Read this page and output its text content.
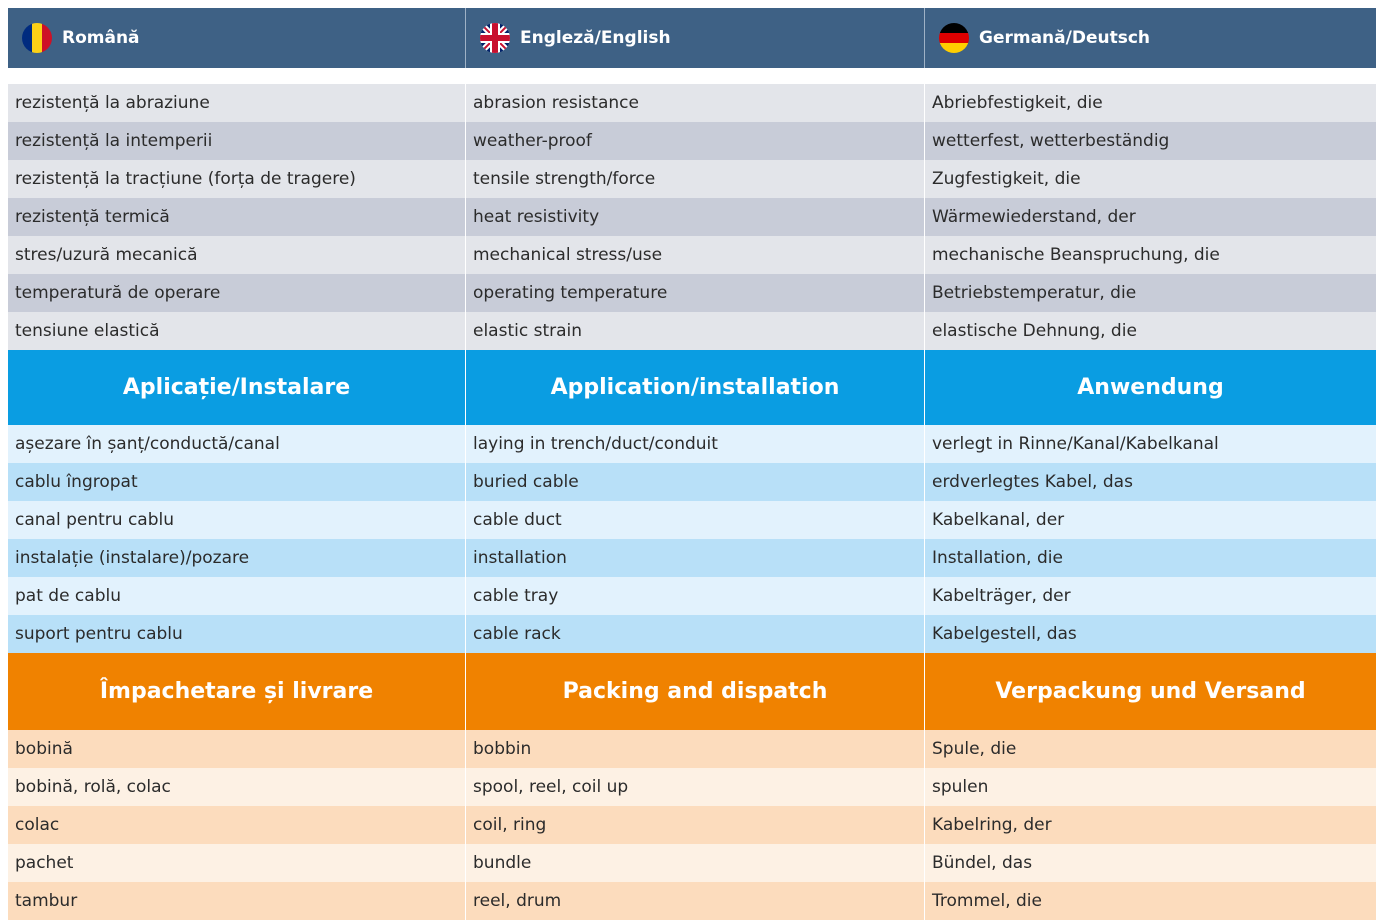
Română	Engleză/English	Germană/Deutsch
rezistență la abraziune	abrasion resistance	Abriebfestigkeit, die
rezistență la intemperii	weather-proof	wetterfest, wetterbeständig
rezistență la tracțiune (forța de tragere)	tensile strength/force	Zugfestigkeit, die
rezistență termică	heat resistivity	Wärmewiederstand, der
stres/uzură mecanică	mechanical stress/use	mechanische Beanspruchung, die
temperatură de operare	operating temperature	Betriebstemperatur, die
tensiune elastică	elastic strain	elastische Dehnung, die
Aplicație/Instalare	Application/installation	Anwendung
așezare în șanț/conductă/canal	laying in trench/duct/conduit	verlegt in Rinne/Kanal/Kabelkanal
cablu îngropat	buried cable	erdverlegtes Kabel, das
canal pentru cablu	cable duct	Kabelkanal, der
instalație (instalare)/pozare	installation	Installation, die
pat de cablu	cable tray	Kabelträger, der
suport pentru cablu	cable rack	Kabelgestell, das
Împachetare și livrare	Packing and dispatch	Verpackung und Versand
bobină	bobbin	Spule, die
bobină, rolă, colac	spool, reel, coil up	spulen
colac	coil, ring	Kabelring, der
pachet	bundle	Bündel, das
tambur	reel, drum	Trommel, die
